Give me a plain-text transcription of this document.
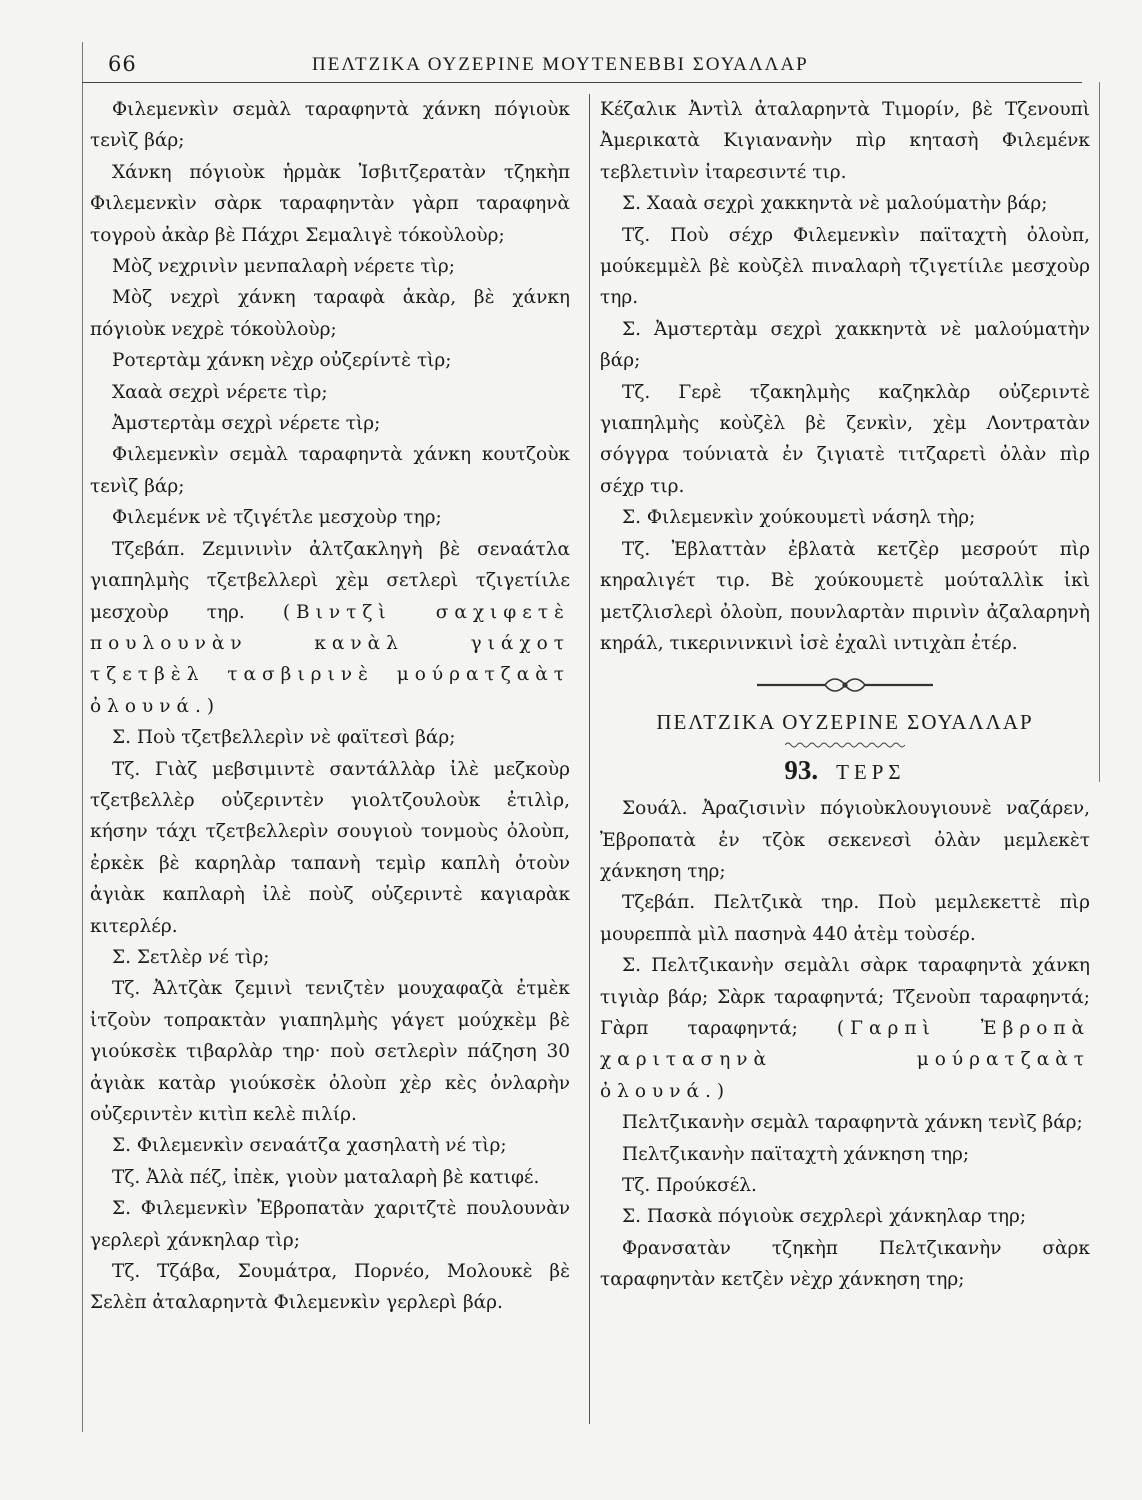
66	ΠΕΛΤΖΙΚΑ ΟΥΖΕΡΙΝΕ ΜΟΥΤΕΝΕΒΒΙ ΣΟΥΑΛΛΑΡ

Φιλεμενκὶν σεμὰλ ταραφηντὰ χάνκη πόγιοὺκ τενὶζ βάρ;

Χάνκη πόγιοὺκ ἡρμὰκ Ἰσβιτζερατὰν τζηκὴπ Φιλεμενκὶν σὰρκ ταραφηντὰν γὰρπ ταραφηνὰ τογροὺ ἀκὰρ βὲ Πάχρι Σεμαλιγὲ τόκοὺλοὺρ;

Μὸζ νεχρινὶν μενπαλαρὴ νέρετε τὶρ;

Μὸζ νεχρὶ χάνκη ταραφὰ ἀκὰρ, βὲ χάνκη πόγιοὺκ νεχρὲ τόκοὺλοὺρ;

Ροτερτὰμ χάνκη νὲχρ οὐζερίντὲ τὶρ;

Χααὰ σεχρὶ νέρετε τὶρ;

Ἀμστερτὰμ σεχρὶ νέρετε τὶρ;

Φιλεμενκὶν σεμὰλ ταραφηντὰ χάνκη κουτζοὺκ τενὶζ βάρ;

Φιλεμένκ νὲ τζιγέτλε μεσχοὺρ τηρ;

Τζεβάπ. Ζεμινινὶν ἀλτζακληγὴ βὲ σεναάτλα γιαπηλμὴς τζετβελλερὶ χὲμ σετλερὶ τζιγετίιλε μεσχοὺρ τηρ. (Βιντζὶ σαχιφετὲ πουλουνὰν κανὰλ γιάχοτ τζετβὲλ τασβιρινὲ μούρατζαὰτ ὀλουνά.)

Σ. Ποὺ τζετβελλερὶν νὲ φαϊτεσὶ βάρ;

Τζ. Γιὰζ μεβσιμιντὲ σαντάλλὰρ ἰλὲ μεζκοὺρ τζετβελλὲρ οὐζεριντὲν γιολτζουλοὺκ ἐτιλὶρ, κήσην τάχι τζετβελλερὶν σουγιοὺ τονμοὺς ὀλοὺπ, ἐρκὲκ βὲ καρηλὰρ ταπανὴ τεμὶρ καπλὴ ὀτοὺν ἀγιὰκ καπλαρὴ ἰλὲ ποὺζ οὐζεριντὲ καγιαρὰκ κιτερλέρ.

Σ. Σετλὲρ νέ τὶρ;

Τζ. Ἀλτζὰκ ζεμινὶ τενιζτὲν μουχαφαζὰ ἐτμὲκ ἰτζοὺν τοπρακτὰν γιαπηλμὴς γάγετ μούχκὲμ βὲ γιούκσὲκ τιβαρλὰρ τηρ· ποὺ σετλερὶν πάζηση 30 ἀγιὰκ κατὰρ γιούκσὲκ ὀλοὺπ χὲρ κὲς ὀνλαρὴν οὐζεριντὲν κιτὶπ κελὲ πιλίρ.

Σ. Φιλεμενκὶν σεναάτζα χασηλατὴ νέ τὶρ;

Τζ. Ἀλὰ πέζ, ἰπὲκ, γιοὺν ματαλαρὴ βὲ κατιφέ.

Σ. Φιλεμενκὶν Ἐβροπατὰν χαριτζτὲ πουλουνὰν γερλερὶ χάνκηλαρ τὶρ;

Τζ. Τζάβα, Σουμάτρα, Πορνέο, Μολουκὲ βὲ Σελὲπ ἀταλαρηντὰ Φιλεμενκὶν γερλερὶ βάρ.

Κέζαλικ Ἀντὶλ ἀταλαρηντὰ Τιμορίν, βὲ Τζενουπὶ Ἀμερικατὰ Κιγιανανὴν πὶρ κητασὴ Φιλεμένκ τεβλετινὶν ἰταρεσιντέ τιρ.

Σ. Χααὰ σεχρὶ χακκηντὰ νὲ μαλούματὴν βάρ;

Τζ. Ποὺ σέχρ Φιλεμενκὶν παϊταχτὴ ὀλοὺπ, μούκεμμὲλ βὲ κοὺζὲλ πιναλαρὴ τζιγετίιλε μεσχοὺρ τηρ.

Σ. Ἀμστερτὰμ σεχρὶ χακκηντὰ νὲ μαλούματὴν βάρ;

Τζ. Γερὲ τζακηλμὴς καζηκλὰρ οὐζεριντὲ γιαπηλμὴς κοὺζὲλ βὲ ζενκὶν, χὲμ Λοντρατὰν σόγγρα τούνιατὰ ἐν ζιγιατὲ τιτζαρετὶ ὀλὰν πὶρ σέχρ τιρ.

Σ. Φιλεμενκὶν χούκουμετὶ νάσηλ τὴρ;

Τζ. Ἐβλαττὰν ἐβλατὰ κετζὲρ μεσρούτ πὶρ κηραλιγέτ τιρ. Βὲ χούκουμετὲ μούταλλὶκ ἰκὶ μετζλισλερὶ ὀλοὺπ, πουνλαρτὰν πιρινὶν ἀζαλαρηνὴ κηράλ, τικερινινκινὶ ἰσὲ ἐχαλὶ ιντιχὰπ ἐτέρ.

ΠΕΛΤΖΙΚΑ ΟΥΖΕΡΙΝΕ ΣΟΥΑΛΛΑΡ
93. ΤΕΡΣ

Σουάλ. Ἀραζισινὶν πόγιοὺκλουγιουνὲ ναζάρεν, Ἐβροπατὰ ἐν τζὸκ σεκενεσὶ ὀλὰν μεμλεκὲτ χάνκηση τηρ;

Τζεβάπ. Πελτζικὰ τηρ. Ποὺ μεμλεκεττὲ πὶρ μουρεππὰ μὶλ πασηνὰ 440 ἀτὲμ τοὺσέρ.

Σ. Πελτζικανὴν σεμὰλι σὰρκ ταραφηντὰ χάνκη τιγιὰρ βάρ; Σὰρκ ταραφηντά; Τζενοὺπ ταραφηντά; Γὰρπ ταραφηντά; (Γαρπὶ Ἐβροπὰ χαριτασηνὰ μούρατζαὰτ ὀλουνά.)

Πελτζικανὴν σεμὰλ ταραφηντὰ χάνκη τενὶζ βάρ;

Πελτζικανὴν παϊταχτὴ χάνκηση τηρ;

Τζ. Προύκσέλ.

Σ. Πασκὰ πόγιοὺκ σεχρλερὶ χάνκηλαρ τηρ;

Φρανσατὰν τζηκὴπ Πελτζικανὴν σὰρκ ταραφηντὰν κετζὲν νὲχρ χάνκηση τηρ;
